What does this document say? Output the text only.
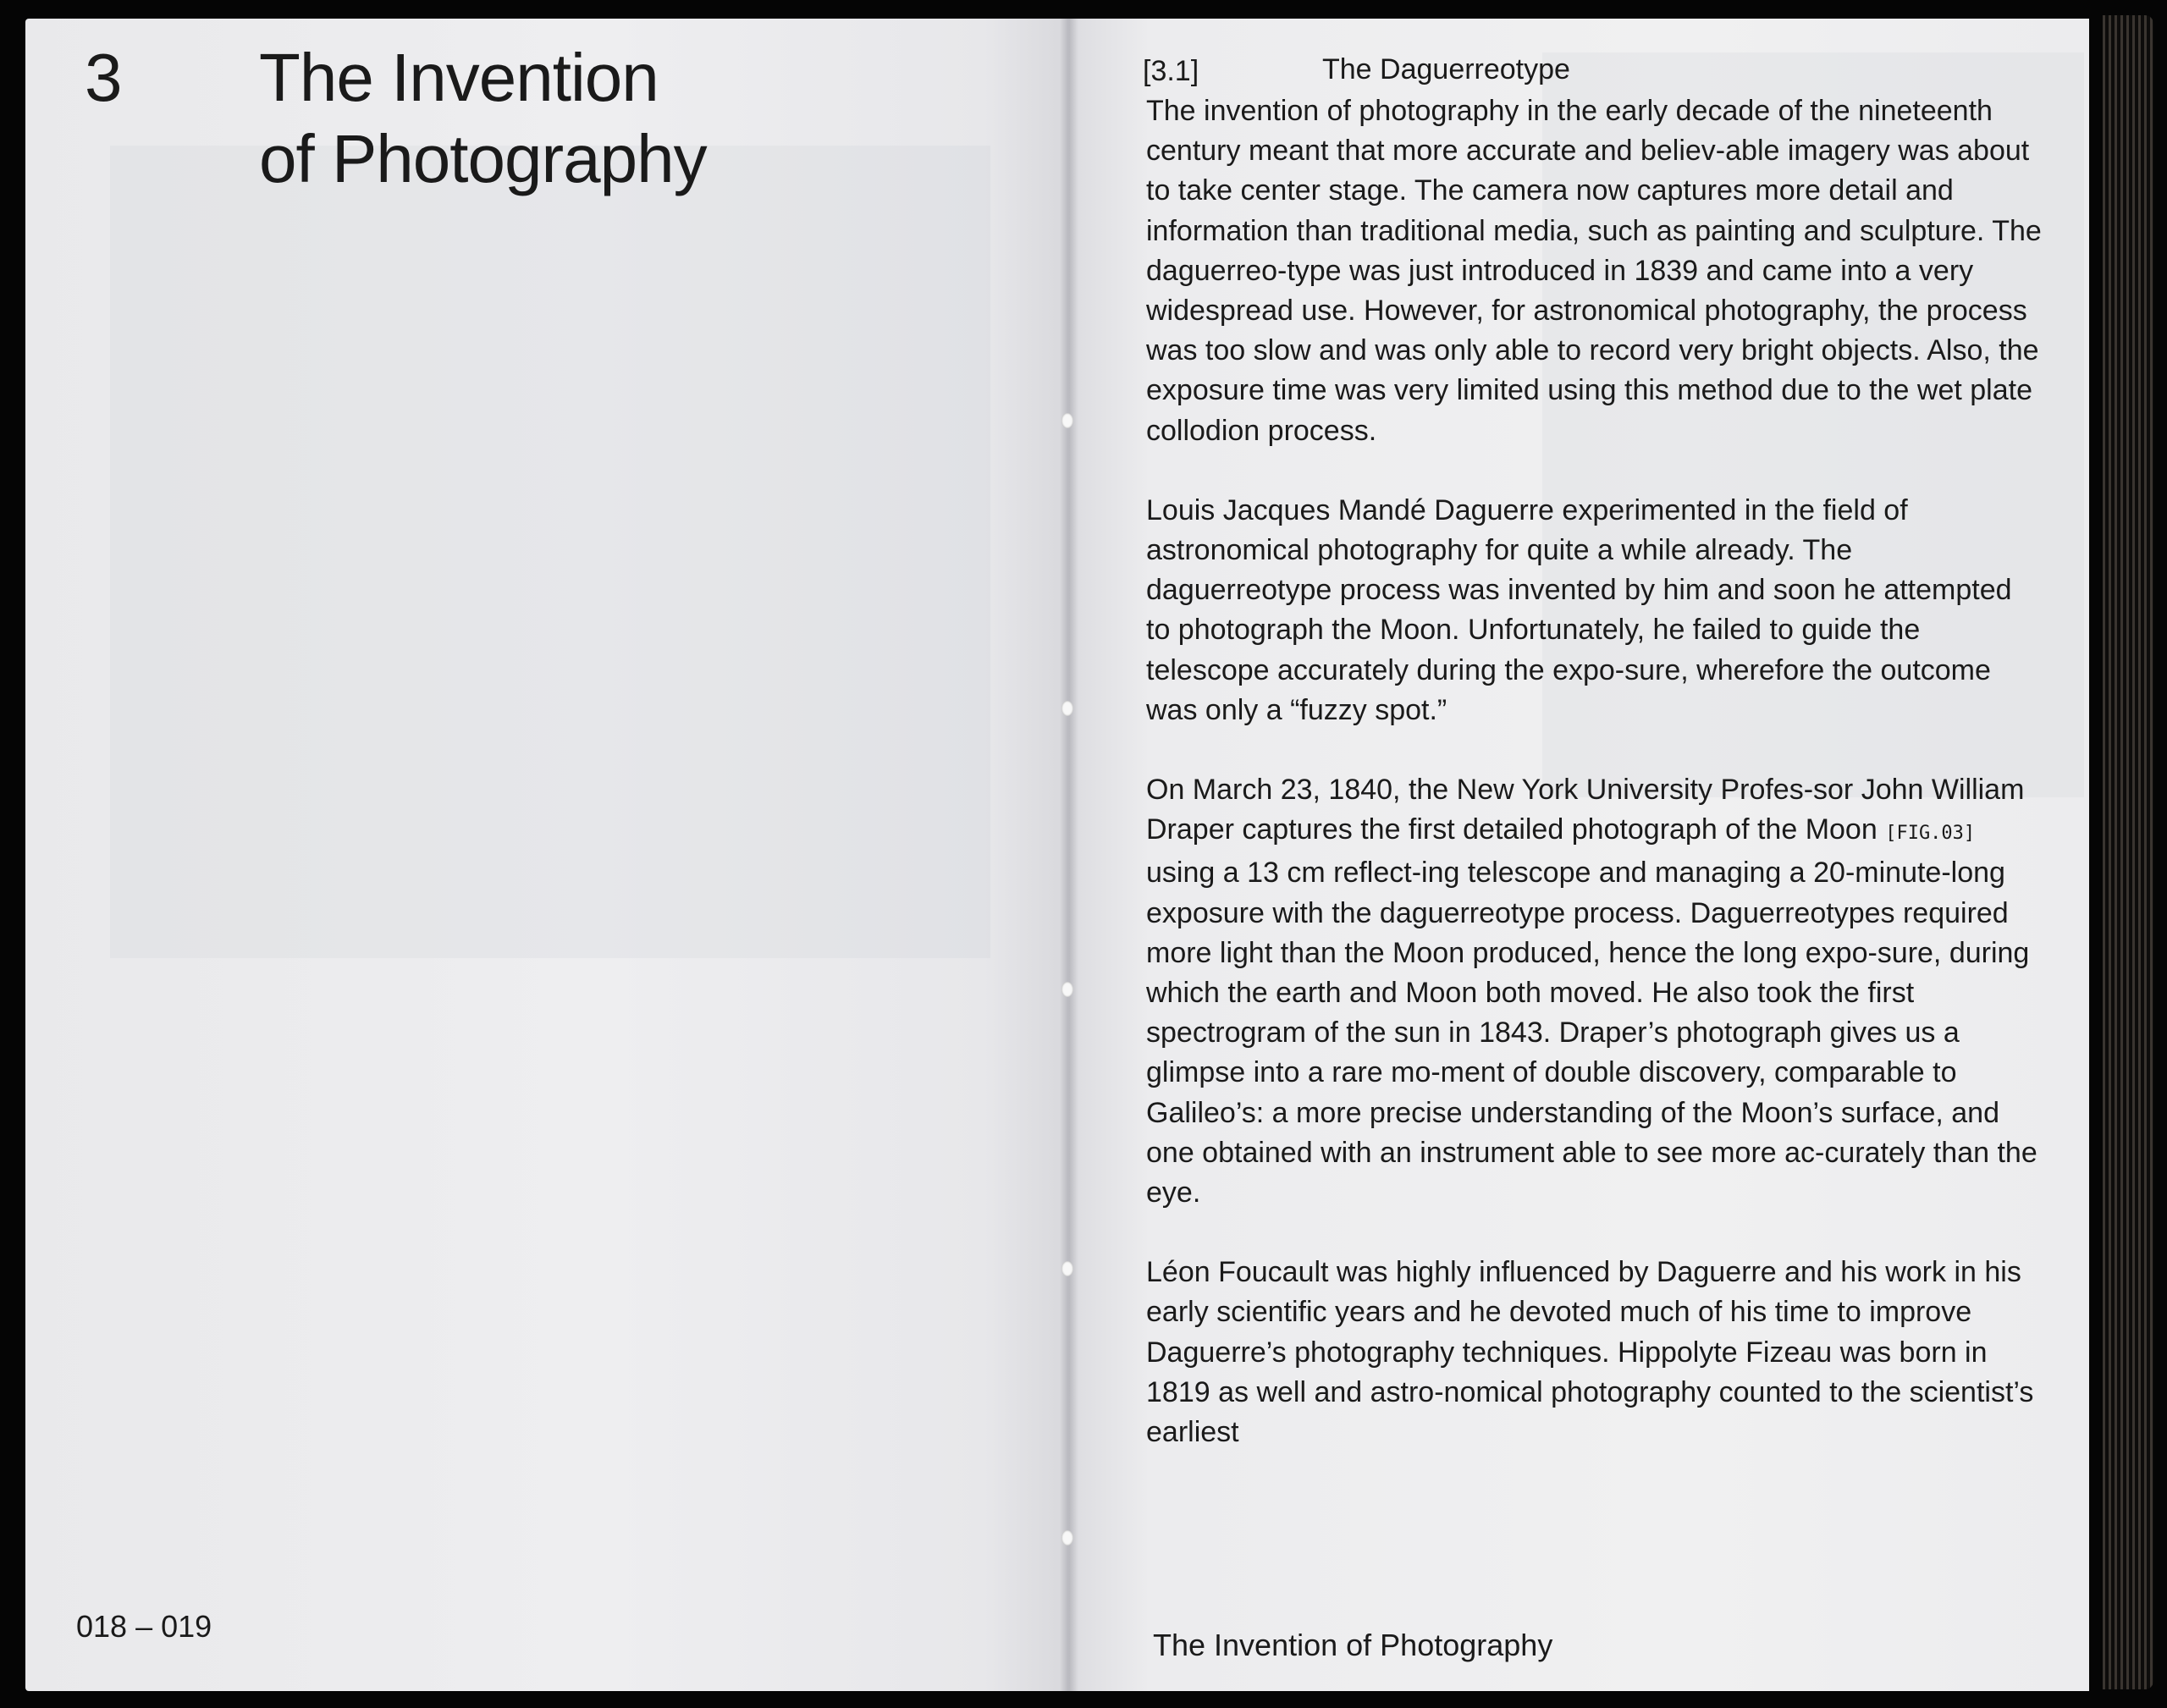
3 The Invention
of Photography
018 – 019
[3.1]	The Daguerreotype

The invention of photography in the early decade of the nineteenth century meant that more accurate and believ-able imagery was about to take center stage. The camera now captures more detail and information than traditional media, such as painting and sculpture. The daguerreo-type was just introduced in 1839 and came into a very widespread use. However, for astronomical photography, the process was too slow and was only able to record very bright objects. Also, the exposure time was very limited using this method due to the wet plate collodion process.

Louis Jacques Mandé Daguerre experimented in the field of astronomical photography for quite a while already. The daguerreotype process was invented by him and soon he attempted to photograph the Moon. Unfortunately, he failed to guide the telescope accurately during the expo-sure, wherefore the outcome was only a “fuzzy spot.”

On March 23, 1840, the New York University Profes-sor John William Draper captures the first detailed photograph of the Moon [FIG.03] using a 13 cm reflect-ing telescope and managing a 20-minute-long exposure with the daguerreotype process. Daguerreotypes required more light than the Moon produced, hence the long expo-sure, during which the earth and Moon both moved. He also took the first spectrogram of the sun in 1843. Draper’s photograph gives us a glimpse into a rare mo-ment of double discovery, comparable to Galileo’s: a more precise understanding of the Moon’s surface, and one obtained with an instrument able to see more ac-curately than the eye.

Léon Foucault was highly influenced by Daguerre and his work in his early scientific years and he devoted much of his time to improve Daguerre’s photography techniques. Hippolyte Fizeau was born in 1819 as well and astro-nomical photography counted to the scientist’s earliest

The Invention of Photography
